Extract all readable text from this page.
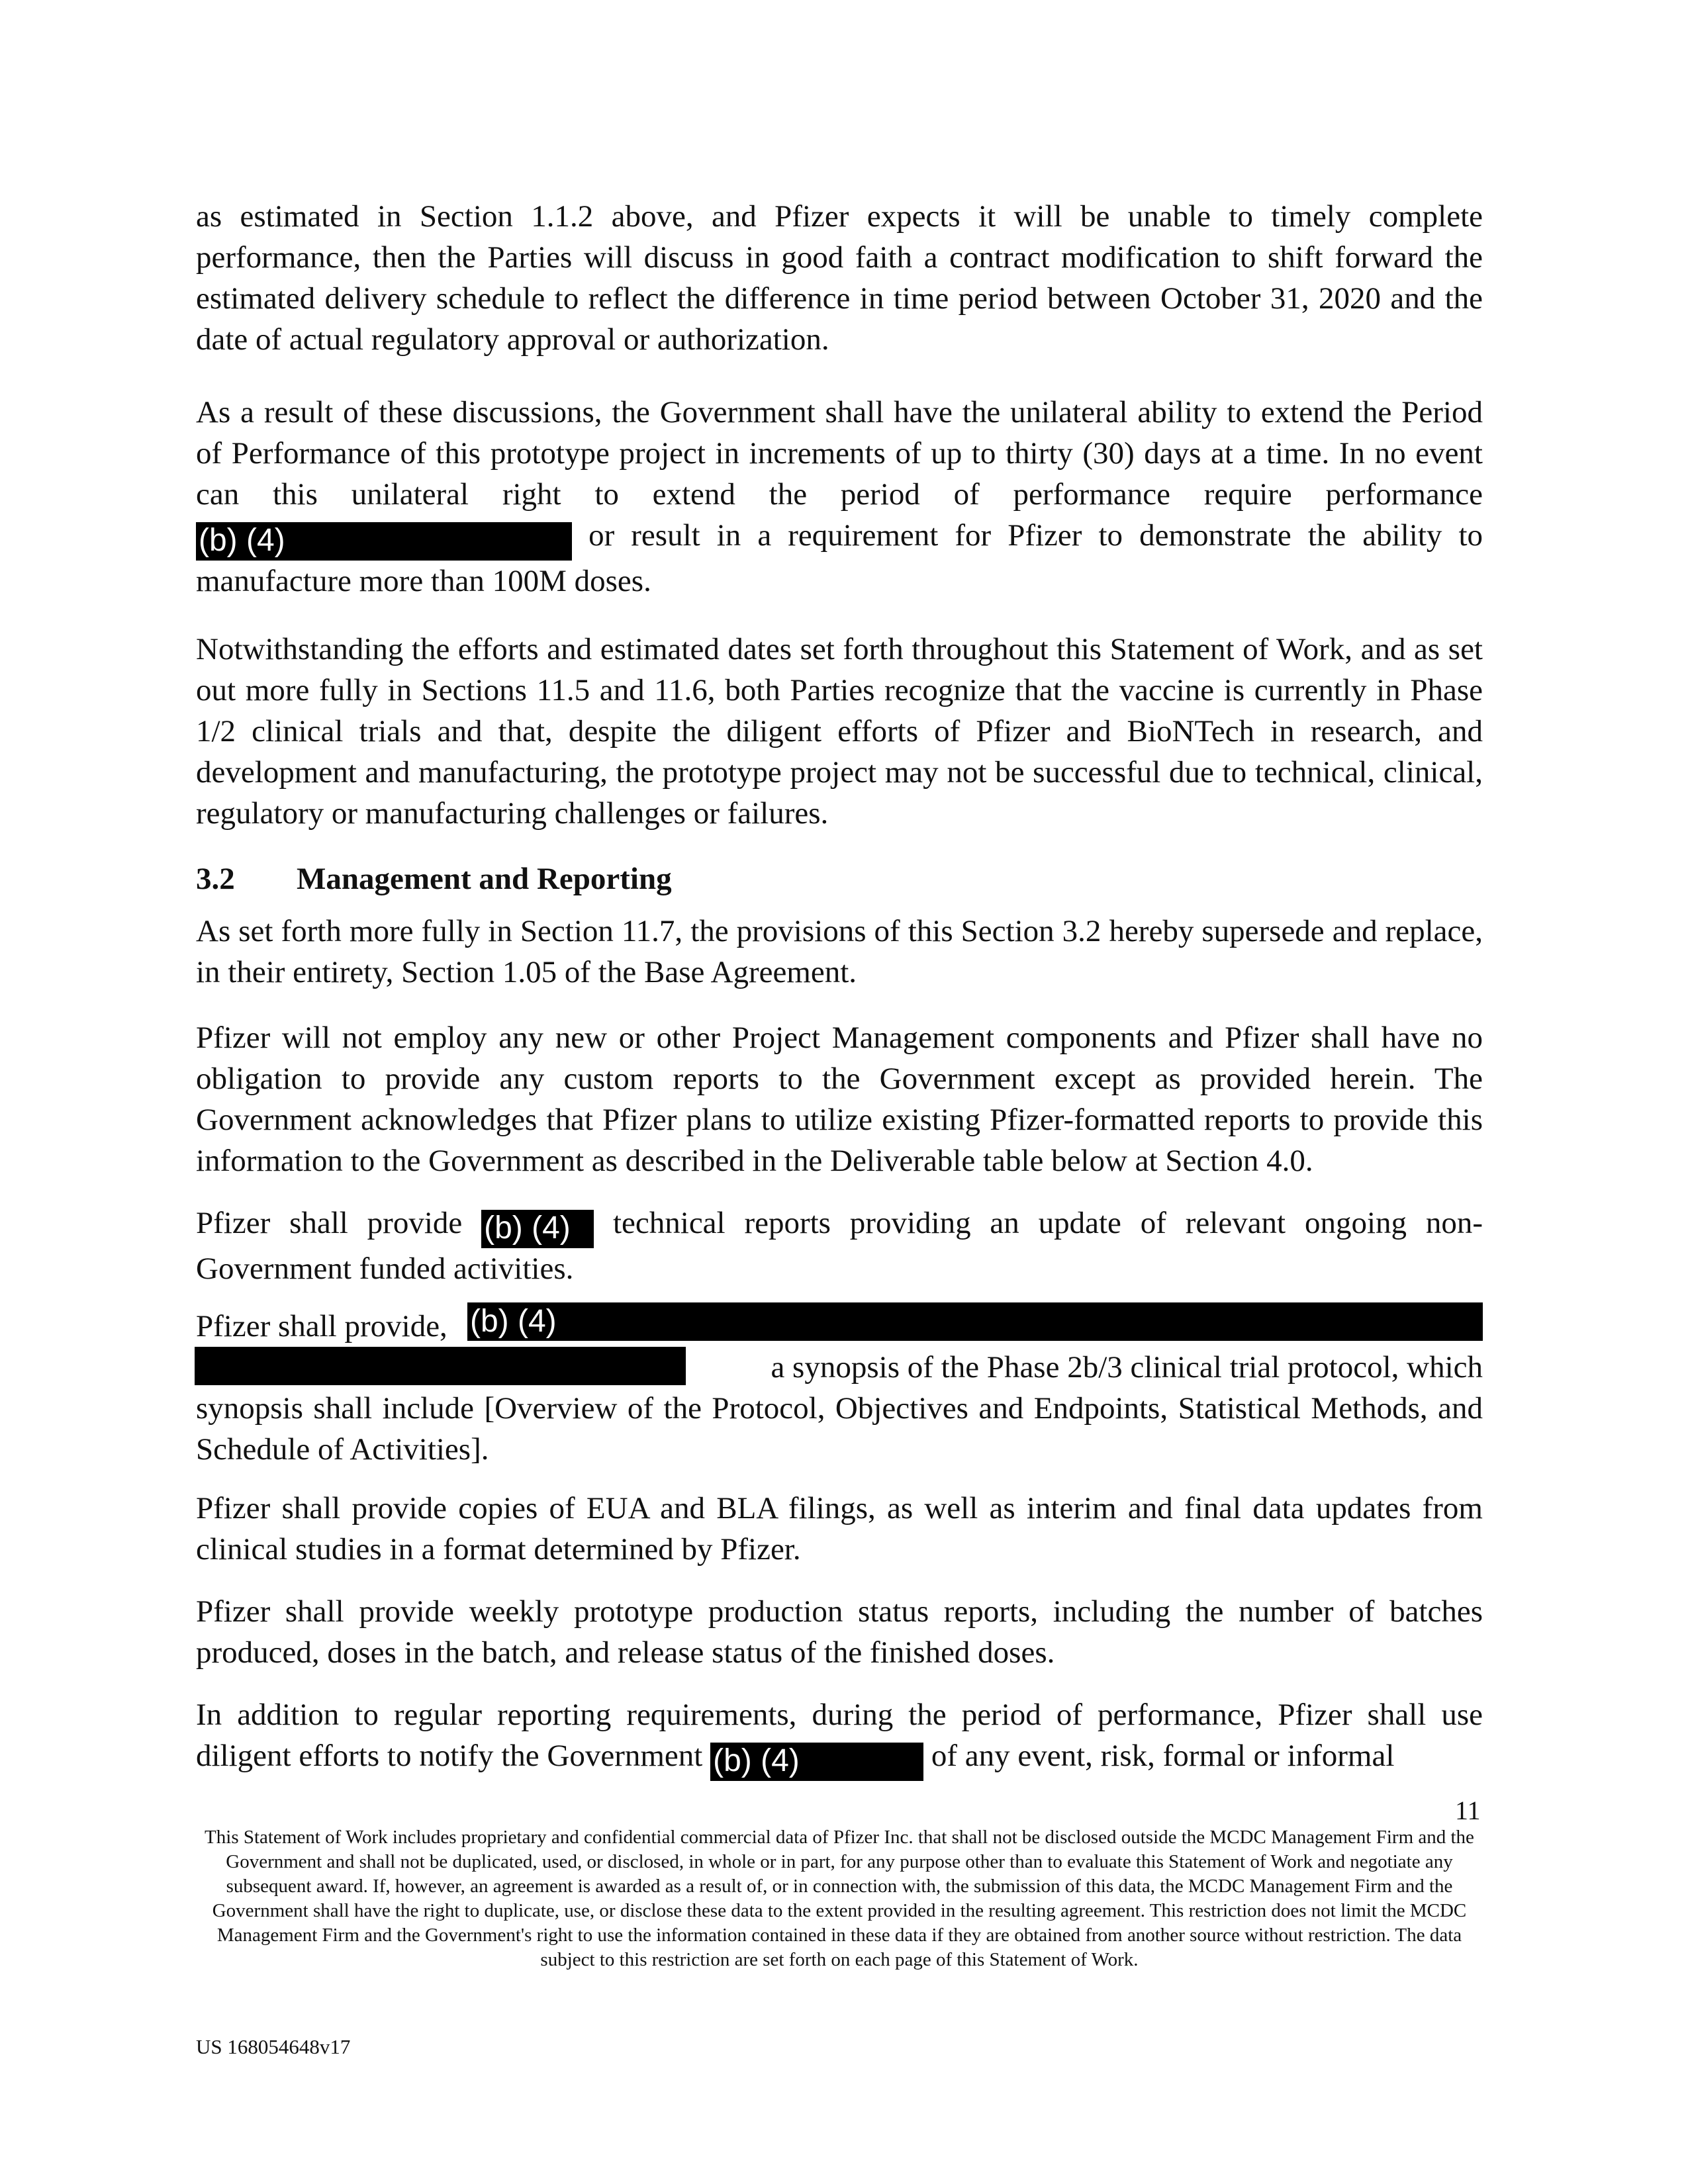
as estimated in Section 1.1.2 above, and Pfizer expects it will be unable to timely complete performance, then the Parties will discuss in good faith a contract modification to shift forward the estimated delivery schedule to reflect the difference in time period between October 31, 2020 and the date of actual regulatory approval or authorization.

As a result of these discussions, the Government shall have the unilateral ability to extend the Period of Performance of this prototype project in increments of up to thirty (30) days at a time. In no event can this unilateral right to extend the period of performance require performance (b) (4)	or result in a requirement for Pfizer to demonstrate the ability to manufacture more than 100M doses.

Notwithstanding the efforts and estimated dates set forth throughout this Statement of Work, and as set out more fully in Sections 11.5 and 11.6, both Parties recognize that the vaccine is currently in Phase 1/2 clinical trials and that, despite the diligent efforts of Pfizer and BioNTech in research, and development and manufacturing, the prototype project may not be successful due to technical, clinical, regulatory or manufacturing challenges or failures.

3.2 Management and Reporting

As set forth more fully in Section 11.7, the provisions of this Section 3.2 hereby supersede and replace, in their entirety, Section 1.05 of the Base Agreement.

Pfizer will not employ any new or other Project Management components and Pfizer shall have no obligation to provide any custom reports to the Government except as provided herein. The Government acknowledges that Pfizer plans to utilize existing Pfizer-formatted reports to provide this information to the Government as described in the Deliverable table below at Section 4.0.

Pfizer shall provide (b) (4) technical reports providing an update of relevant ongoing non-Government funded activities.

Pfizer shall provide, (b) (4)

a synopsis of the Phase 2b/3 clinical trial protocol, which

synopsis shall include [Overview of the Protocol, Objectives and Endpoints, Statistical Methods, and Schedule of Activities].

Pfizer shall provide copies of EUA and BLA filings, as well as interim and final data updates from clinical studies in a format determined by Pfizer.

Pfizer shall provide weekly prototype production status reports, including the number of batches produced, doses in the batch, and release status of the finished doses.

In addition to regular reporting requirements, during the period of performance, Pfizer shall use diligent efforts to notify the Government (b) (4)	of any event, risk, formal or informal

11

This Statement of Work includes proprietary and confidential commercial data of Pfizer Inc. that shall not be disclosed outside the MCDC Management Firm and the Government and shall not be duplicated, used, or disclosed, in whole or in part, for any purpose other than to evaluate this Statement of Work and negotiate any subsequent award. If, however, an agreement is awarded as a result of, or in connection with, the submission of this data, the MCDC Management Firm and the Government shall have the right to duplicate, use, or disclose these data to the extent provided in the resulting agreement. This restriction does not limit the MCDC Management Firm and the Government's right to use the information contained in these data if they are obtained from another source without restriction. The data subject to this restriction are set forth on each page of this Statement of Work.

US 168054648v17
